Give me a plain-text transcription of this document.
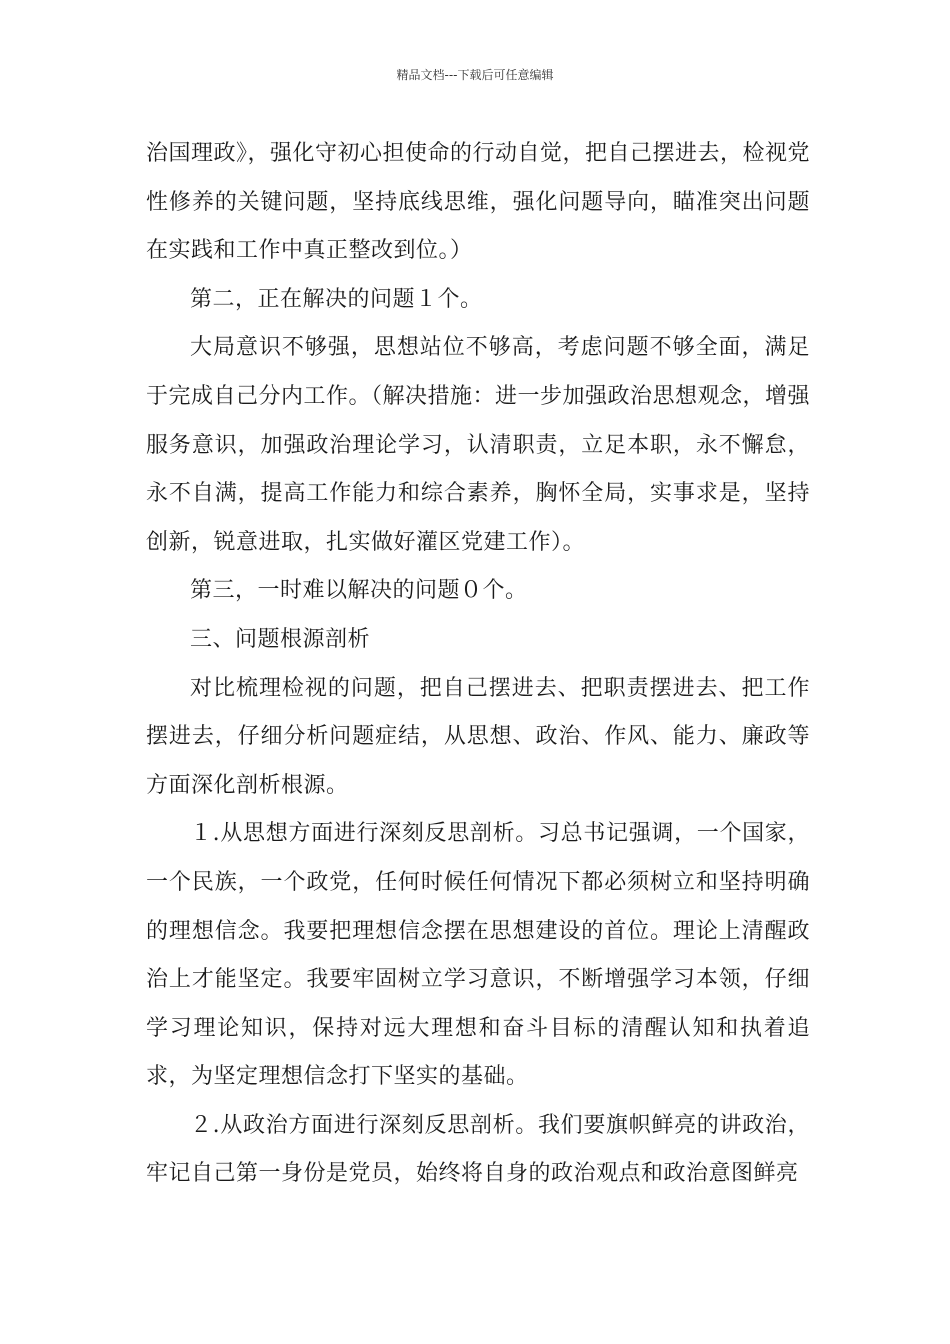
精品文档---下载后可任意编辑

治国理政》，强化守初心担使命的行动自觉，把自己摆进去，检视党性修养的关键问题，坚持底线思维，强化问题导向，瞄准突出问题在实践和工作中真正整改到位。）

第二，正在解决的问题１个。

大局意识不够强，思想站位不够高，考虑问题不够全面，满足于完成自己分内工作。（解决措施：进一步加强政治思想观念，增强服务意识，加强政治理论学习，认清职责，立足本职，永不懈怠，永不自满，提高工作能力和综合素养，胸怀全局，实事求是，坚持创新，锐意进取，扎实做好灌区党建工作）。

第三，一时难以解决的问题０个。

三、问题根源剖析

对比梳理检视的问题，把自己摆进去、把职责摆进去、把工作摆进去，仔细分析问题症结，从思想、政治、作风、能力、廉政等方面深化剖析根源。

１.从思想方面进行深刻反思剖析。习总书记强调，一个国家，一个民族，一个政党，任何时候任何情况下都必须树立和坚持明确的理想信念。我要把理想信念摆在思想建设的首位。理论上清醒政治上才能坚定。我要牢固树立学习意识，不断增强学习本领，仔细学习理论知识，保持对远大理想和奋斗目标的清醒认知和执着追求，为坚定理想信念打下坚实的基础。

２.从政治方面进行深刻反思剖析。我们要旗帜鲜亮的讲政治，牢记自己第一身份是党员，始终将自身的政治观点和政治意图鲜亮
